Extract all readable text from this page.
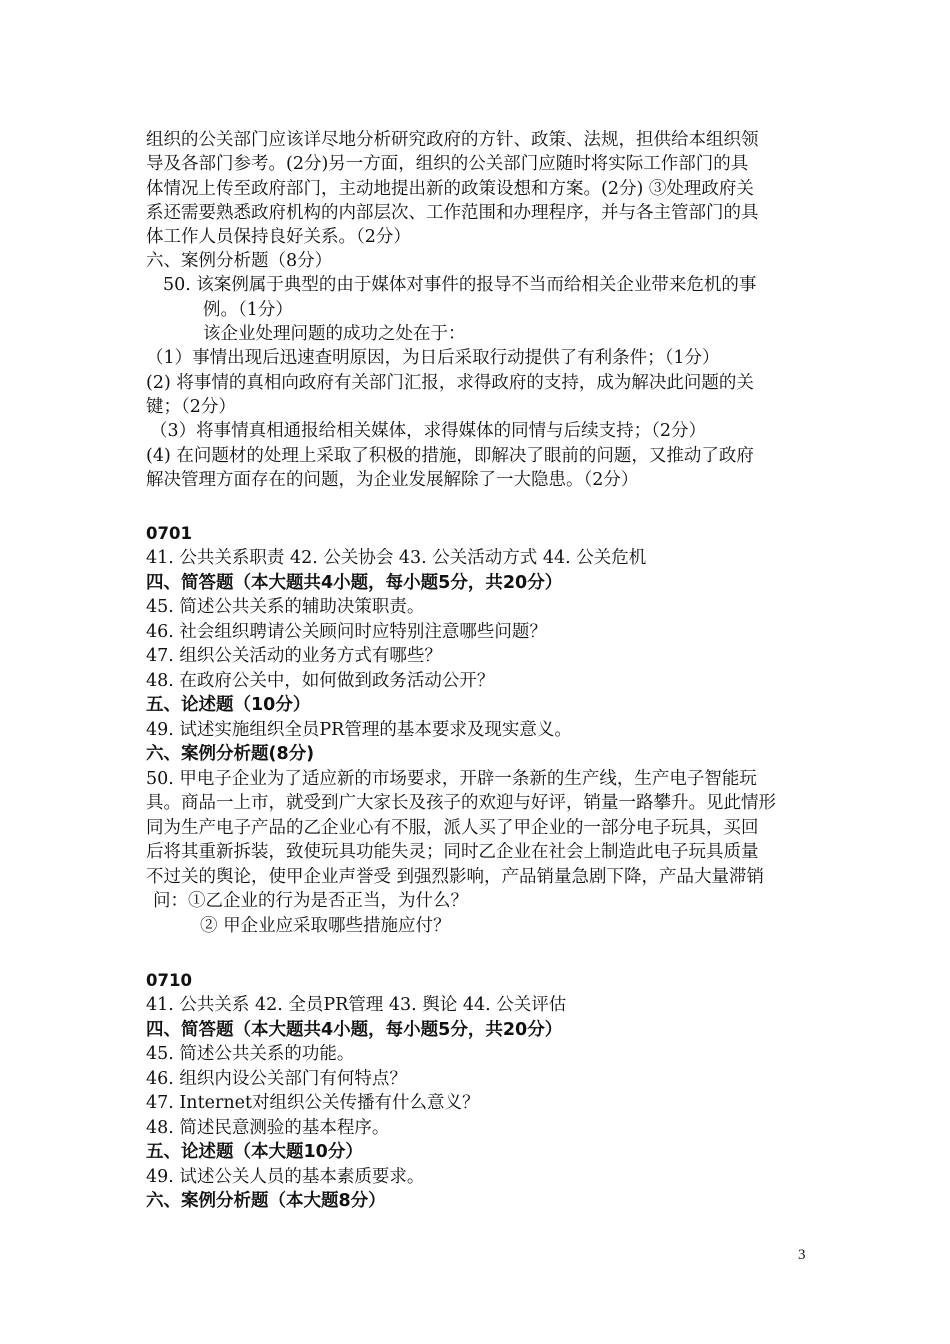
组织的公关部门应该详尽地分析研究政府的方针、政策、法规，担供给本组织领
导及各部门参考。(2分)另一方面，组织的公关部门应随时将实际工作部门的具
体情况上传至政府部门，主动地提出新的政策设想和方案。(2分) ③处理政府关
系还需要熟悉政府机构的内部层次、工作范围和办理程序，并与各主管部门的具
体工作人员保持良好关系。（2分）
六、案例分析题（8分）
50. 该案例属于典型的由于媒体对事件的报导不当而给相关企业带来危机的事
例。（1分）
该企业处理问题的成功之处在于：
（1）事情出现后迅速查明原因，为日后采取行动提供了有利条件；（1分）
(2) 将事情的真相向政府有关部门汇报，求得政府的支持，成为解决此问题的关
键；（2分）
（3）将事情真相通报给相关媒体，求得媒体的同情与后续支持；（2分）
(4) 在问题材的处理上采取了积极的措施，即解决了眼前的问题，又推动了政府
解决管理方面存在的问题，为企业发展解除了一大隐患。（2分）
0701
41. 公共关系职责 42. 公关协会 43. 公关活动方式 44. 公关危机
四、简答题（本大题共4小题，每小题5分，共20分）
45. 简述公共关系的辅助决策职责。
46. 社会组织聘请公关顾问时应特别注意哪些问题？
47. 组织公关活动的业务方式有哪些？
48. 在政府公关中，如何做到政务活动公开？
五、论述题（10分）
49. 试述实施组织全员PR管理的基本要求及现实意义。
六、案例分析题(8分)
50. 甲电子企业为了适应新的市场要求，开辟一条新的生产线，生产电子智能玩
具。商品一上市，就受到广大家长及孩子的欢迎与好评，销量一路攀升。见此情形
同为生产电子产品的乙企业心有不服，派人买了甲企业的一部分电子玩具，买回
后将其重新拆装，致使玩具功能失灵；同时乙企业在社会上制造此电子玩具质量
不过关的舆论，使甲企业声誉受 到强烈影响，产品销量急剧下降，产品大量滞销
问：①乙企业的行为是否正当，为什么？
② 甲企业应采取哪些措施应付？
0710
41. 公共关系 42. 全员PR管理 43. 舆论 44. 公关评估
四、简答题（本大题共4小题，每小题5分，共20分）
45. 简述公共关系的功能。
46. 组织内设公关部门有何特点？
47. Internet对组织公关传播有什么意义？
48. 简述民意测验的基本程序。
五、论述题（本大题10分）
49. 试述公关人员的基本素质要求。
六、案例分析题（本大题8分）
3
